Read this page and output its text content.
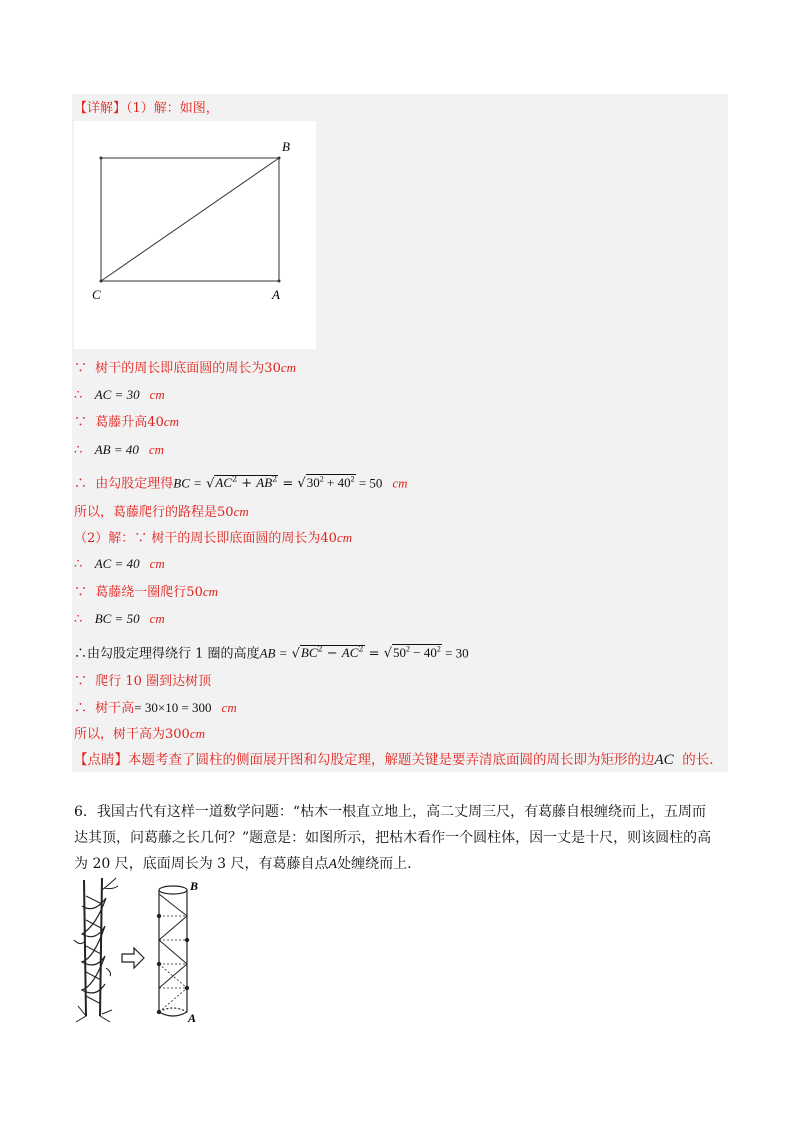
【详解】（1）解：如图，
B
C	A
∵ 树干的周长即底面圆的周长为30cm
∴ AC = 30 cm
∵ 葛藤升高40cm
∴ AB = 40 cm
∴ 由勾股定理得BC = $√AC^2 + AB^2 = √30^2 + 40^2 = 50$ cm
所以，葛藤爬行的路程是50cm
（2）解：∵ 树干的周长即底面圆的周长为40cm
∴ AC = 40 cm
∵ 葛藤绕一圈爬行50cm
∴ BC = 50 cm
∴由勾股定理得绕行 1 圈的高度AB = $√BC^2 - AC^2 = √50^2 - 40^2 = 30$
∵ 爬行 10 圈到达树顶
∴ 树干高= 30×10 = 300 cm
所以，树干高为300cm
【点睛】本题考查了圆柱的侧面展开图和勾股定理，解题关键是要弄清底面圆的周长即为矩形的边AC 的长.
6．我国古代有这样一道数学问题：“枯木一根直立地上，高二丈周三尺，有葛藤自根缠绕而上，五周而
达其顶，问葛藤之长几何？”题意是：如图所示，把枯木看作一个圆柱体，因一丈是十尺，则该圆柱的高
为 20 尺，底面周长为 3 尺，有葛藤自点A处缠绕而上.
B
A
